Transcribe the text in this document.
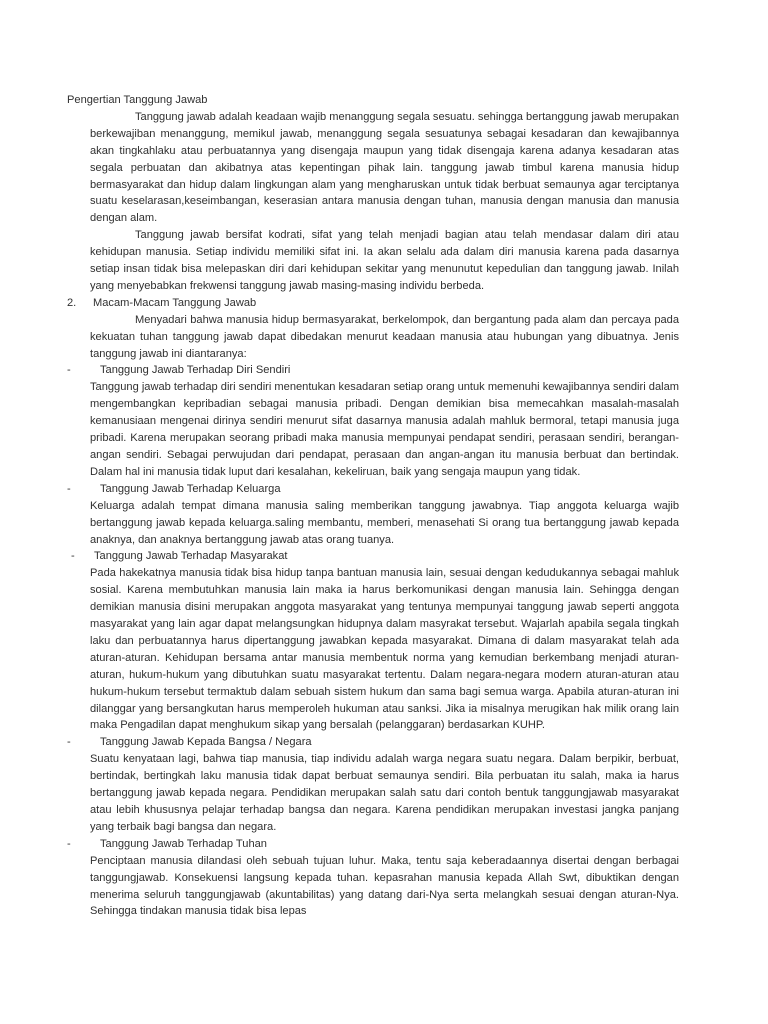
Pengertian Tanggung Jawab

Tanggung jawab adalah keadaan wajib menanggung segala sesuatu. sehingga bertanggung jawab merupakan berkewajiban menanggung, memikul jawab, menanggung segala sesuatunya sebagai kesadaran dan kewajibannya akan tingkahlaku atau perbuatannya yang disengaja maupun yang tidak disengaja karena adanya kesadaran atas segala perbuatan dan akibatnya atas kepentingan pihak lain. tanggung jawab timbul karena manusia hidup bermasyarakat dan hidup dalam lingkungan alam yang mengharuskan untuk tidak berbuat semaunya agar terciptanya suatu keselarasan,keseimbangan, keserasian antara manusia dengan tuhan, manusia dengan manusia dan manusia dengan alam.

Tanggung jawab bersifat kodrati, sifat yang telah menjadi bagian atau telah mendasar dalam diri atau kehidupan manusia. Setiap individu memiliki sifat ini. Ia akan selalu ada dalam diri manusia karena pada dasarnya setiap insan tidak bisa melepaskan diri dari kehidupan sekitar yang menunutut kepedulian dan tanggung jawab. Inilah yang menyebabkan frekwensi tanggung jawab masing-masing individu berbeda.

2. Macam-Macam Tanggung Jawab

Menyadari bahwa manusia hidup bermasyarakat, berkelompok, dan bergantung pada alam dan percaya pada kekuatan tuhan tanggung jawab dapat dibedakan menurut keadaan manusia atau hubungan yang dibuatnya. Jenis tanggung jawab ini diantaranya:

-	Tanggung Jawab Terhadap Diri Sendiri

Tanggung jawab terhadap diri sendiri menentukan kesadaran setiap orang untuk memenuhi kewajibannya sendiri dalam mengembangkan kepribadian sebagai manusia pribadi. Dengan demikian bisa memecahkan masalah-masalah kemanusiaan mengenai dirinya sendiri menurut sifat dasarnya manusia adalah mahluk bermoral, tetapi manusia juga pribadi. Karena merupakan seorang pribadi maka manusia mempunyai pendapat sendiri, perasaan sendiri, berangan-angan sendiri. Sebagai perwujudan dari pendapat, perasaan dan angan-angan itu manusia berbuat dan bertindak. Dalam hal ini manusia tidak luput dari kesalahan, kekeliruan, baik yang sengaja maupun yang tidak.

-	Tanggung Jawab Terhadap Keluarga

Keluarga adalah tempat dimana manusia saling memberikan tanggung jawabnya. Tiap anggota keluarga wajib bertanggung jawab kepada keluarga.saling membantu, memberi, menasehati Si orang tua bertanggung jawab kepada anaknya, dan anaknya bertanggung jawab atas orang tuanya.

- Tanggung Jawab Terhadap Masyarakat

Pada hakekatnya manusia tidak bisa hidup tanpa bantuan manusia lain, sesuai dengan kedudukannya sebagai mahluk sosial. Karena membutuhkan manusia lain maka ia harus berkomunikasi dengan manusia lain. Sehingga dengan demikian manusia disini merupakan anggota masyarakat yang tentunya mempunyai tanggung jawab seperti anggota masyarakat yang lain agar dapat melangsungkan hidupnya dalam masyrakat tersebut. Wajarlah apabila segala tingkah laku dan perbuatannya harus dipertanggung jawabkan kepada masyarakat. Dimana di dalam masyarakat telah ada aturan-aturan. Kehidupan bersama antar manusia membentuk norma yang kemudian berkembang menjadi aturan-aturan, hukum-hukum yang dibutuhkan suatu masyarakat tertentu. Dalam negara-negara modern aturan-aturan atau hukum-hukum tersebut termaktub dalam sebuah sistem hukum dan sama bagi semua warga. Apabila aturan-aturan ini dilanggar yang bersangkutan harus memperoleh hukuman atau sanksi. Jika ia misalnya merugikan hak milik orang lain maka Pengadilan dapat menghukum sikap yang bersalah (pelanggaran) berdasarkan KUHP.

-	Tanggung Jawab Kepada Bangsa / Negara

Suatu kenyataan lagi, bahwa tiap manusia, tiap individu adalah warga negara suatu negara. Dalam berpikir, berbuat, bertindak, bertingkah laku manusia tidak dapat berbuat semaunya sendiri. Bila perbuatan itu salah, maka ia harus bertanggung jawab kepada negara. Pendidikan merupakan salah satu dari contoh bentuk tanggungjawab masyarakat atau lebih khususnya pelajar terhadap bangsa dan negara. Karena pendidikan merupakan investasi jangka panjang yang terbaik bagi bangsa dan negara.

-	Tanggung Jawab Terhadap Tuhan

Penciptaan manusia dilandasi oleh sebuah tujuan luhur. Maka, tentu saja keberadaannya disertai dengan berbagai tanggungjawab. Konsekuensi langsung kepada tuhan. kepasrahan manusia kepada Allah Swt, dibuktikan dengan menerima seluruh tanggungjawab (akuntabilitas) yang datang dari-Nya serta melangkah sesuai dengan aturan-Nya. Sehingga tindakan manusia tidak bisa lepas
